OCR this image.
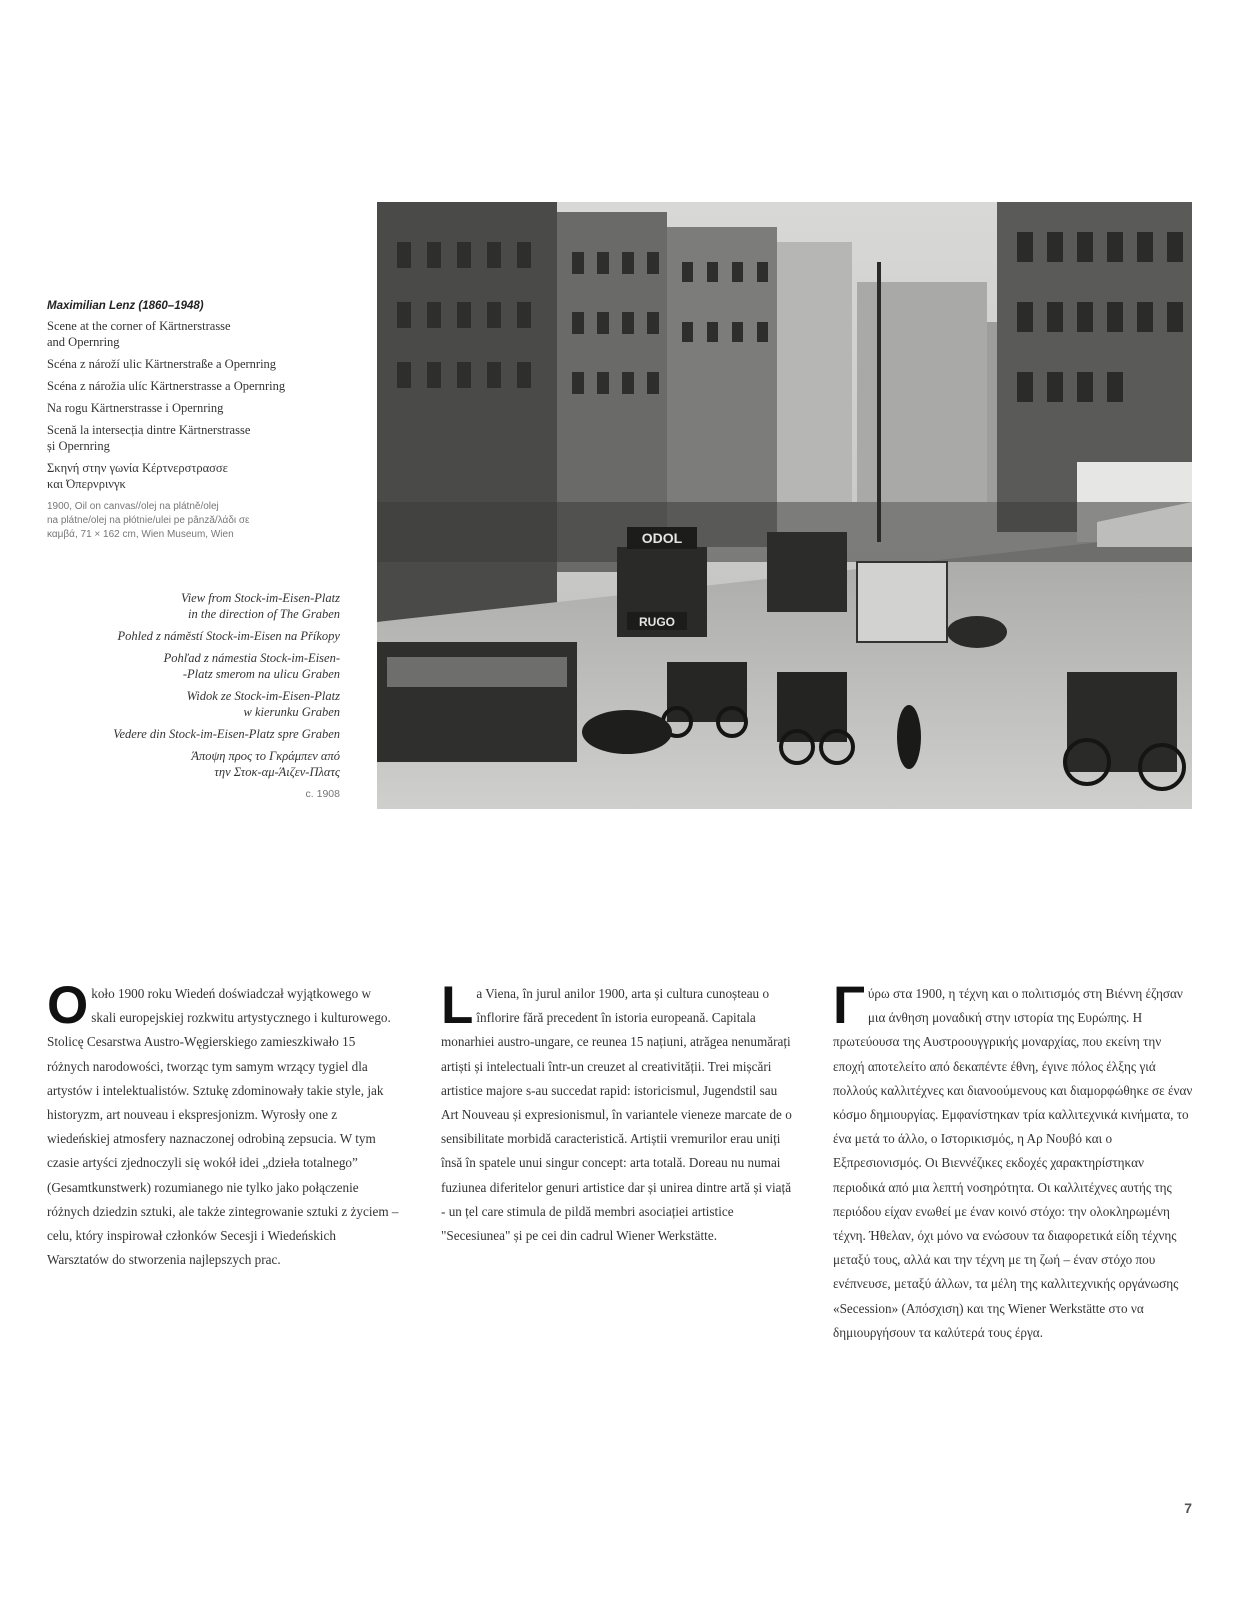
Maximilian Lenz (1860–1948)

Scene at the corner of Kärtnerstrasse
and Opernring

Scéna z nároží ulic Kärtnerstraße a Opernring

Scéna z nárožia ulíc Kärtnerstrasse a Opernring

Na rogu Kärtnerstrasse i Opernring

Scenă la intersecția dintre Kärtnerstrasse
și Opernring

Σκηνή στην γωνία Κέρτνερστρασσε
και Όπερνρινγκ

1900, Oil on canvas//olej na plátně/olej
na plátne/olej na płótnie/ulei pe pânză/λάδι σε
καμβά, 71 × 162 cm, Wien Museum, Wien

View from Stock-im-Eisen-Platz
in the direction of The Graben

Pohled z náměstí Stock-im-Eisen na Příkopy

Pohľad z námestia Stock-im-Eisen-
-Platz smerom na ulicu Graben

Widok ze Stock-im-Eisen-Platz
w kierunku Graben

Vedere din Stock-im-Eisen-Platz spre Graben

Άποψη προς το Γκράμπεν από
την Στοκ-αμ-Άιζεν-Πλατς

c. 1908

ODOL
RUGO
O koło 1900 roku Wiedeń doświadczał wyjątkowego w skali europejskiej rozkwitu artystycznego i kulturowego. Stolicę Cesarstwa Austro-Węgierskiego zamieszkiwało 15 różnych narodowości, tworząc tym samym wrzący tygiel dla artystów i intelektualistów. Sztukę zdominowały takie style, jak historyzm, art nouveau i ekspresjonizm. Wyrosły one z wiedeńskiej atmosfery naznaczonej odrobiną zepsucia. W tym czasie artyści zjednoczyli się wokół idei „dzieła totalnego” (Gesamtkunstwerk) rozumianego nie tylko jako połączenie różnych dziedzin sztuki, ale także zintegrowanie sztuki z życiem – celu, który inspirował członków Secesji i Wiedeńskich Warsztatów do stworzenia najlepszych prac.

L a Viena, în jurul anilor 1900, arta și cultura cunoșteau o înflorire fără precedent în istoria europeană. Capitala monarhiei austro-ungare, ce reunea 15 națiuni, atrăgea nenumărați artiști și intelectuali într-un creuzet al creativității. Trei mișcări artistice majore s-au succedat rapid: istoricismul, Jugendstil sau Art Nouveau și expresionismul, în variantele vieneze marcate de o sensibilitate morbidă caracteristică. Artiștii vremurilor erau uniți însă în spatele unui singur concept: arta totală. Doreau nu numai fuziunea diferitelor genuri artistice dar și unirea dintre artă și viață - un țel care stimula de pildă membri asociației artistice "Secesiunea" și pe cei din cadrul Wiener Werkstätte.

Γ ύρω στα 1900, η τέχνη και ο πολιτισμός στη Βιέννη έζησαν μια άνθηση μοναδική στην ιστορία της Ευρώπης. Η πρωτεύουσα της Αυστροουγγρικής μοναρχίας, που εκείνη την εποχή αποτελείτο από δεκαπέντε έθνη, έγινε πόλος έλξης γιά πολλούς καλλιτέχνες και διανοούμενους και διαμορφώθηκε σε έναν κόσμο δημιουργίας. Εμφανίστηκαν τρία καλλιτεχνικά κινήματα, το ένα μετά το άλλο, ο Ιστορικισμός, η Αρ Νουβό και ο Εξπρεσιονισμός. Οι Βιεννέζικες εκδοχές χαρακτηρίστηκαν περιοδικά από μια λεπτή νοσηρότητα. Οι καλλιτέχνες αυτής της περιόδου είχαν ενωθεί με έναν κοινό στόχο: την ολοκληρωμένη τέχνη. Ήθελαν, όχι μόνο να ενώσουν τα διαφορετικά είδη τέχνης μεταξύ τους, αλλά και την τέχνη με τη ζωή – έναν στόχο που ενέπνευσε, μεταξύ άλλων, τα μέλη της καλλιτεχνικής οργάνωσης «Secession» (Απόσχιση) και της Wiener Werkstätte στο να δημιουργήσουν τα καλύτερά τους έργα.

7
